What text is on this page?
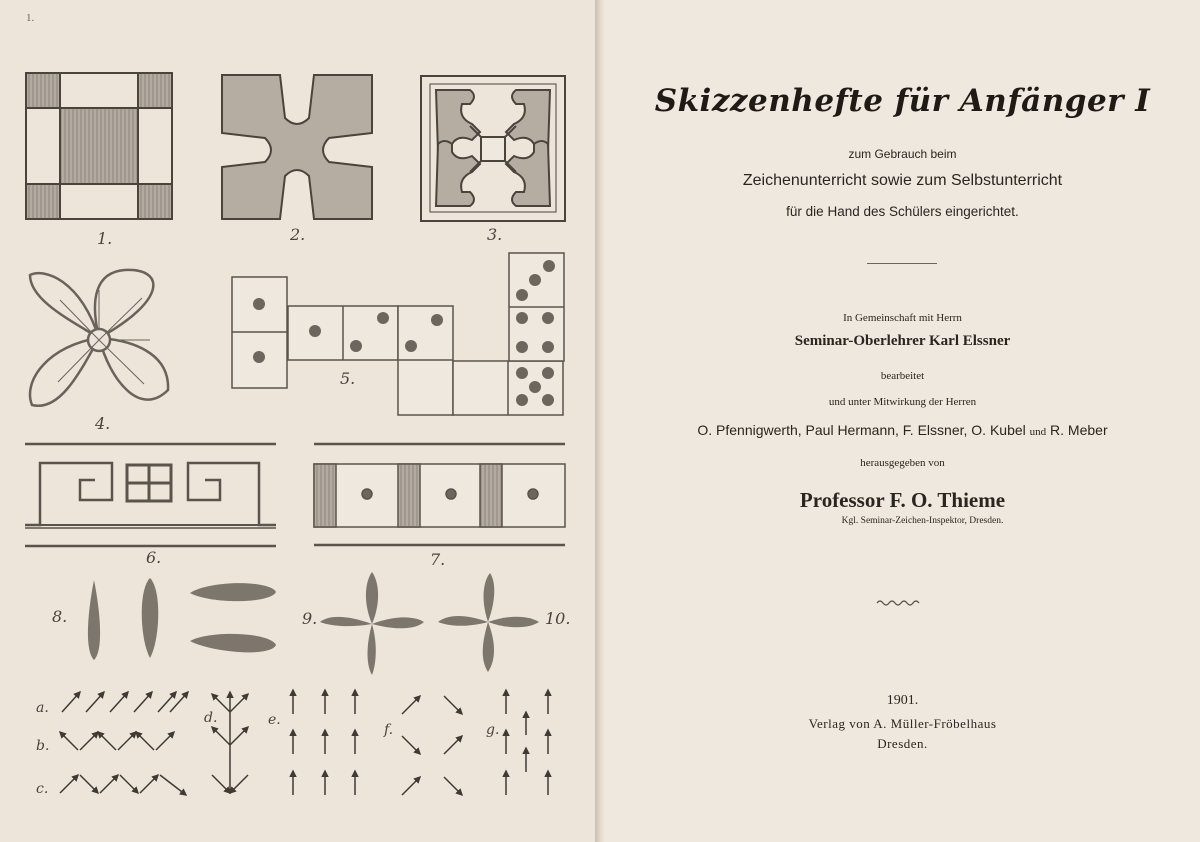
1.
1.	2.	3.
4.
5.
6.	7.
8.	9.	10.
a.
b.
c.
d.	e.
f.	g.
Skizzenhefte für Anfänger I
zum Gebrauch beim
Zeichenunterricht sowie zum Selbstunterricht
für die Hand des Schülers eingerichtet.
In Gemeinschaft mit Herrn
Seminar-Oberlehrer Karl Elssner
bearbeitet
und unter Mitwirkung der Herren
O. Pfennigwerth, Paul Hermann, F. Elssner, O. Kubel und R. Meber
herausgegeben von
Professor F. O. Thieme
Kgl. Seminar-Zeichen-Inspektor, Dresden.
1901.
Verlag von A. Müller-Fröbelhaus
Dresden.
